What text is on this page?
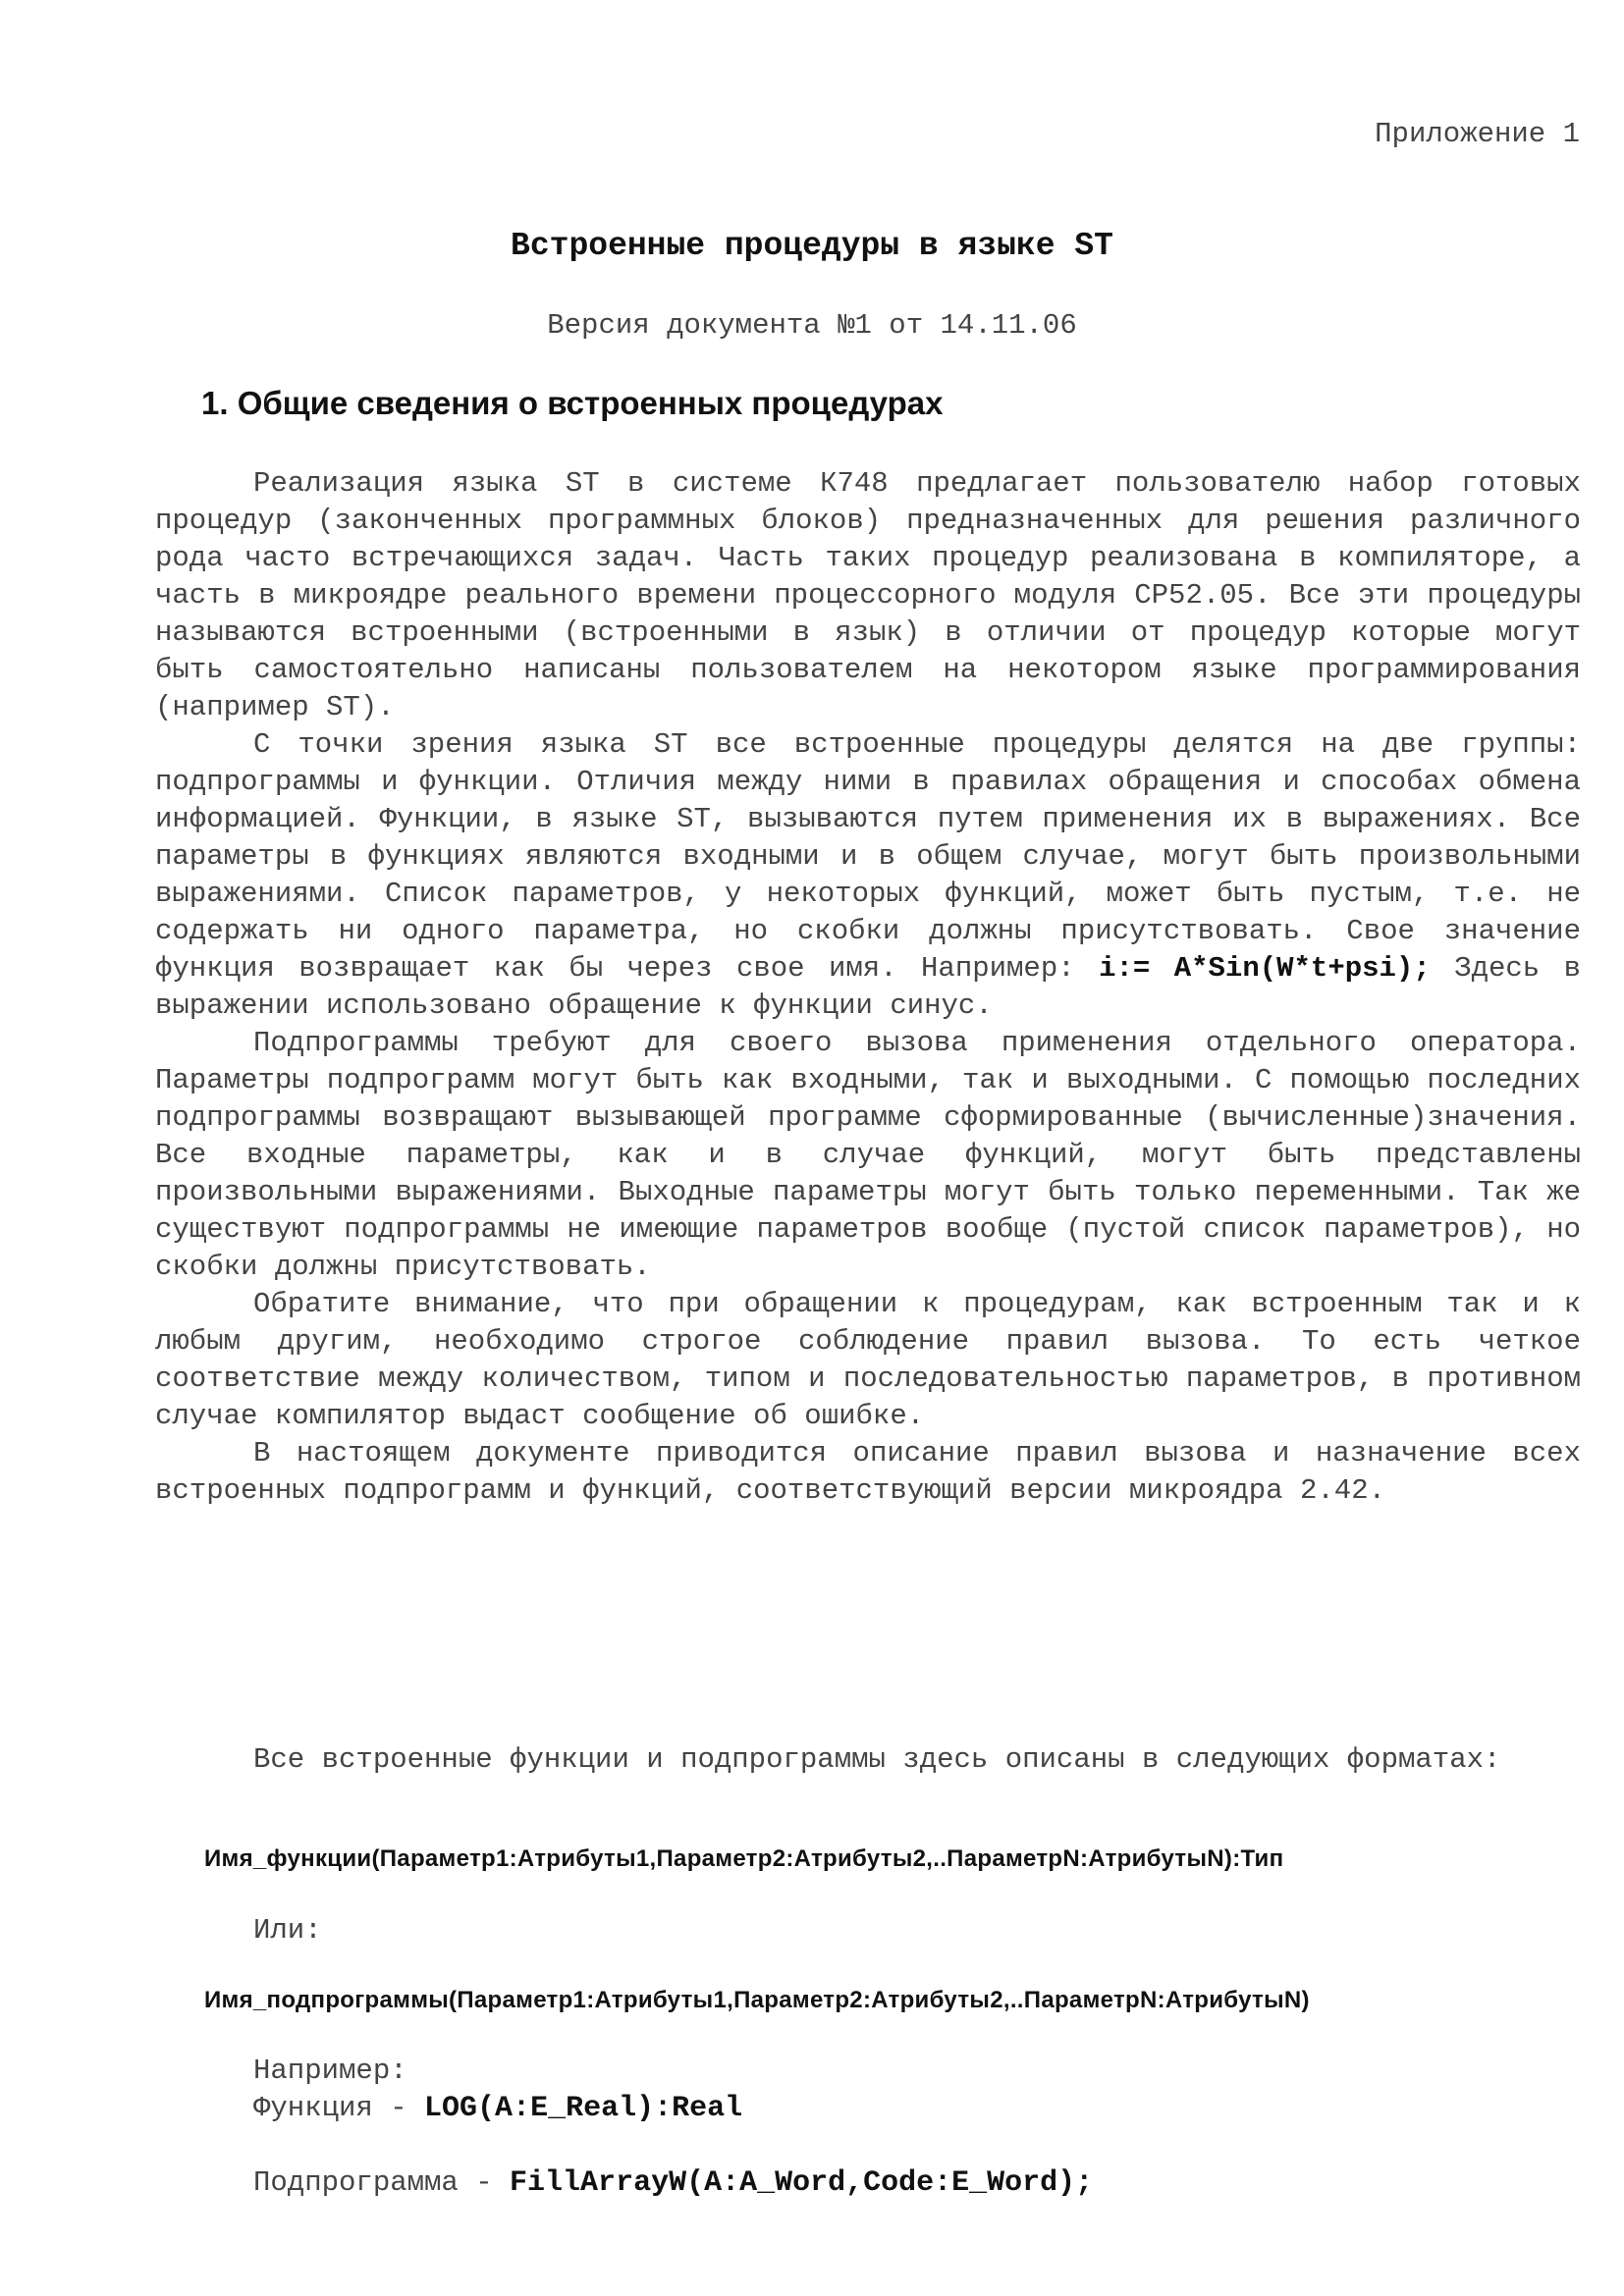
Приложение 1
Встроенные процедуры в языке ST
Версия документа №1 от 14.11.06
1. Общие сведения о встроенных процедурах

Реализация языка ST в системе К748 предлагает пользователю набор готовых процедур (законченных программных блоков) предназначенных для решения различного рода часто встречающихся задач. Часть таких процедур реализована в компиляторе, а часть в микроядре реального времени процессорного модуля CP52.05. Все эти процедуры называются встроенными (встроенными в язык) в отличии от процедур которые могут быть самостоятельно написаны пользователем на некотором языке программирования (например ST).

С точки зрения языка ST все встроенные процедуры делятся на две группы: подпрограммы и функции. Отличия между ними в правилах обращения и способах обмена информацией. Функции, в языке ST, вызываются путем применения их в выражениях. Все параметры в функциях являются входными и в общем случае, могут быть произвольными выражениями. Список параметров, у некоторых функций, может быть пустым, т.е. не содержать ни одного параметра, но скобки должны присутствовать. Свое значение функция возвращает как бы через свое имя. Например: i:= A*Sin(W*t+psi); Здесь в выражении использовано обращение к функции синус.

Подпрограммы требуют для своего вызова применения отдельного оператора. Параметры подпрограмм могут быть как входными, так и выходными. С помощью последних подпрограммы возвращают вызывающей программе сформированные (вычисленные)значения. Все входные параметры, как и в случае функций, могут быть представлены произвольными выражениями. Выходные параметры могут быть только переменными. Так же существуют подпрограммы не имеющие параметров вообще (пустой список параметров), но скобки должны присутствовать.

Обратите внимание, что при обращении к процедурам, как встроенным так и к любым другим, необходимо строгое соблюдение правил вызова. То есть четкое соответствие между количеством, типом и последовательностью параметров, в противном случае компилятор выдаст сообщение об ошибке.

В настоящем документе приводится описание правил вызова и назначение всех встроенных подпрограмм и функций, соответствующий версии микроядра 2.42.

Все встроенные функции и подпрограммы здесь описаны в следующих форматах:

Имя_функции(Параметр1:Атрибуты1,Параметр2:Атрибуты2,..ПараметрN:АтрибутыN):Тип
Или:
Имя_подпрограммы(Параметр1:Атрибуты1,Параметр2:Атрибуты2,..ПараметрN:АтрибутыN)
Например:
Функция - LOG(A:E_Real):Real
Подпрограмма - FillArrayW(A:A_Word,Code:E_Word);
